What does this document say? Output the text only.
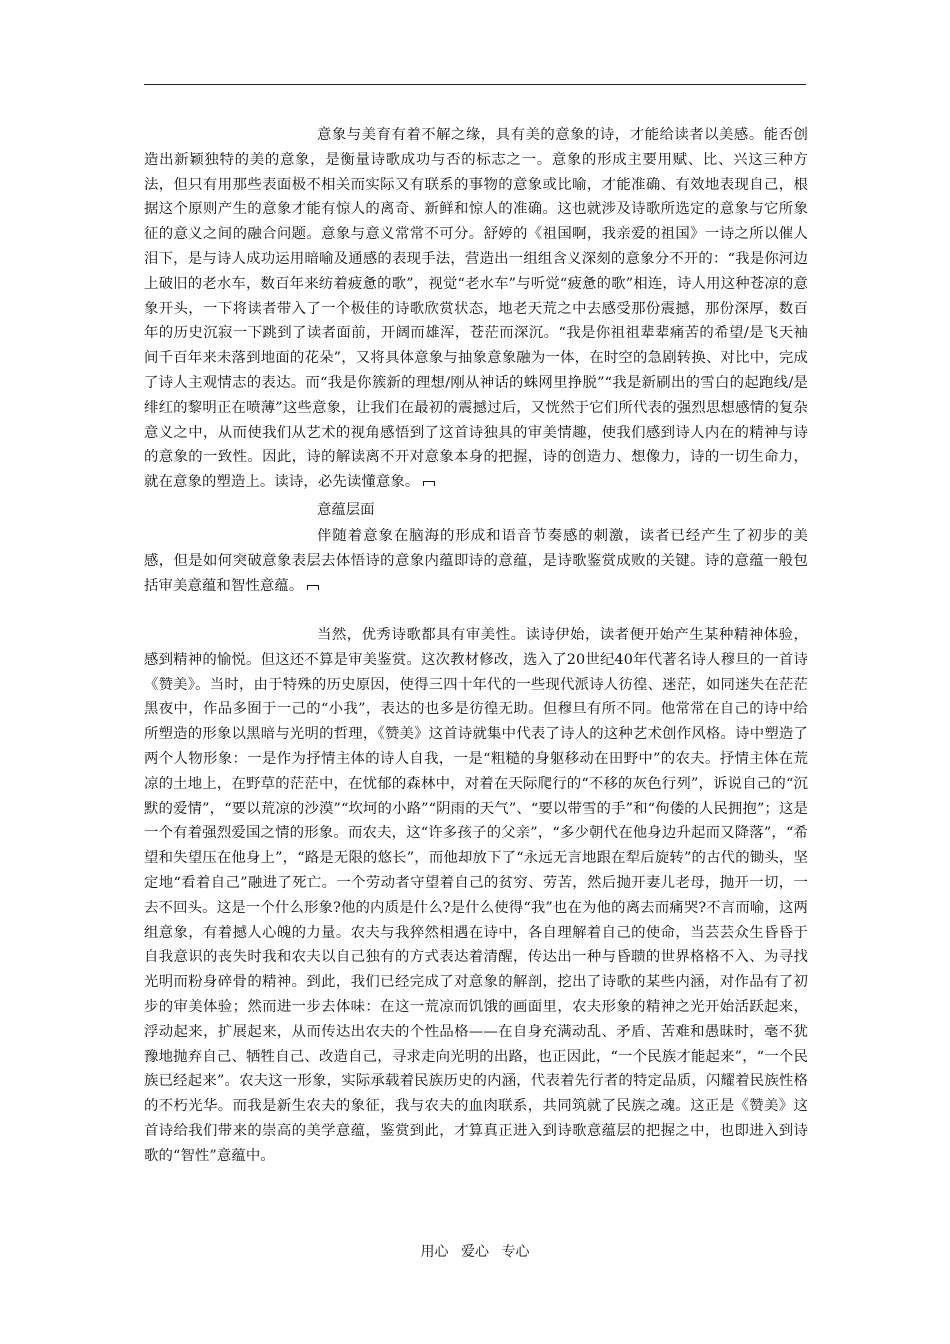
意象与美育有着不解之缘，具有美的意象的诗，才能给读者以美感。能否创造出新颖独特的美的意象，是衡量诗歌成功与否的标志之一。意象的形成主要用赋、比、兴这三种方法，但只有用那些表面极不相关而实际又有联系的事物的意象或比喻，才能准确、有效地表现自己，根据这个原则产生的意象才能有惊人的离奇、新鲜和惊人的准确。这也就涉及诗歌所选定的意象与它所象征的意义之间的融合问题。意象与意义常常不可分。舒婷的《祖国啊，我亲爱的祖国》一诗之所以催人泪下，是与诗人成功运用暗喻及通感的表现手法，营造出一组组含义深刻的意象分不开的：“我是你河边上破旧的老水车，数百年来纺着疲惫的歌”，视觉“老水车”与听觉“疲惫的歌”相连，诗人用这种苍凉的意象开头，一下将读者带入了一个极佳的诗歌欣赏状态，地老天荒之中去感受那份震撼，那份深厚，数百年的历史沉寂一下跳到了读者面前，开阔而雄浑，苍茫而深沉。“我是你祖祖辈辈痛苦的希望/是飞天袖间千百年来未落到地面的花朵”，又将具体意象与抽象意象融为一体，在时空的急剧转换、对比中，完成了诗人主观情志的表达。而“我是你簇新的理想/刚从神话的蛛网里挣脱”“我是新刷出的雪白的起跑线/是绯红的黎明正在喷薄”这些意象，让我们在最初的震撼过后，又恍然于它们所代表的强烈思想感情的复杂意义之中，从而使我们从艺术的视角感悟到了这首诗独具的审美情趣，使我们感到诗人内在的精神与诗的意象的一致性。因此，诗的解读离不开对意象本身的把握，诗的创造力、想像力，诗的一切生命力，就在意象的塑造上。读诗，必先读懂意象。
意蕴层面
伴随着意象在脑海的形成和语音节奏感的刺激，读者已经产生了初步的美感，但是如何突破意象表层去体悟诗的意象内蕴即诗的意蕴，是诗歌鉴赏成败的关键。诗的意蕴一般包括审美意蕴和智性意蕴。
当然，优秀诗歌都具有审美性。读诗伊始，读者便开始产生某种精神体验，感到精神的愉悦。但这还不算是审美鉴赏。这次教材修改，选入了20世纪40年代著名诗人穆旦的一首诗《赞美》。当时，由于特殊的历史原因，使得三四十年代的一些现代派诗人彷徨、迷茫，如同迷失在茫茫黑夜中，作品多囿于一己的“小我”，表达的也多是彷徨无助。但穆旦有所不同。他常常在自己的诗中给所塑造的形象以黑暗与光明的哲理，《赞美》这首诗就集中代表了诗人的这种艺术创作风格。诗中塑造了两个人物形象：一是作为抒情主体的诗人自我，一是“粗糙的身躯移动在田野中”的农夫。抒情主体在荒凉的土地上，在野草的茫茫中，在忧郁的森林中，对着在天际爬行的“不移的灰色行列”，诉说自己的“沉默的爱情”，“要以荒凉的沙漠”“坎坷的小路”“阴雨的天气”、“要以带雪的手”和“佝偻的人民拥抱”；这是一个有着强烈爱国之情的形象。而农夫，这“许多孩子的父亲”，“多少朝代在他身边升起而又降落”，“希望和失望压在他身上”，“路是无限的悠长”，而他却放下了“永远无言地跟在犁后旋转”的古代的锄头，坚定地“看着自己”融进了死亡。一个劳动者守望着自己的贫穷、劳苦，然后抛开妻儿老母，抛开一切，一去不回头。这是一个什么形象?他的内质是什么?是什么使得“我”也在为他的离去而痛哭?不言而喻，这两组意象，有着撼人心魄的力量。农夫与我猝然相遇在诗中，各自理解着自己的使命，当芸芸众生昏昏于自我意识的丧失时我和农夫以自己独有的方式表达着清醒，传达出一种与昏聩的世界格格不入、为寻找光明而粉身碎骨的精神。到此，我们已经完成了对意象的解剖，挖出了诗歌的某些内涵，对作品有了初步的审美体验；然而进一步去体味：在这一荒凉而饥饿的画面里，农夫形象的精神之光开始活跃起来，浮动起来，扩展起来，从而传达出农夫的个性品格——在自身充满动乱、矛盾、苦难和愚昧时，毫不犹豫地抛弃自己、牺牲自己、改造自己，寻求走向光明的出路，也正因此，“一个民族才能起来”，“一个民族已经起来”。农夫这一形象，实际承载着民族历史的内涵，代表着先行者的特定品质，闪耀着民族性格的不朽光华。而我是新生农夫的象征，我与农夫的血肉联系，共同筑就了民族之魂。这正是《赞美》这首诗给我们带来的崇高的美学意蕴，鉴赏到此，才算真正进入到诗歌意蕴层的把握之中，也即进入到诗歌的“智性”意蕴中。
用心 爱心 专心
